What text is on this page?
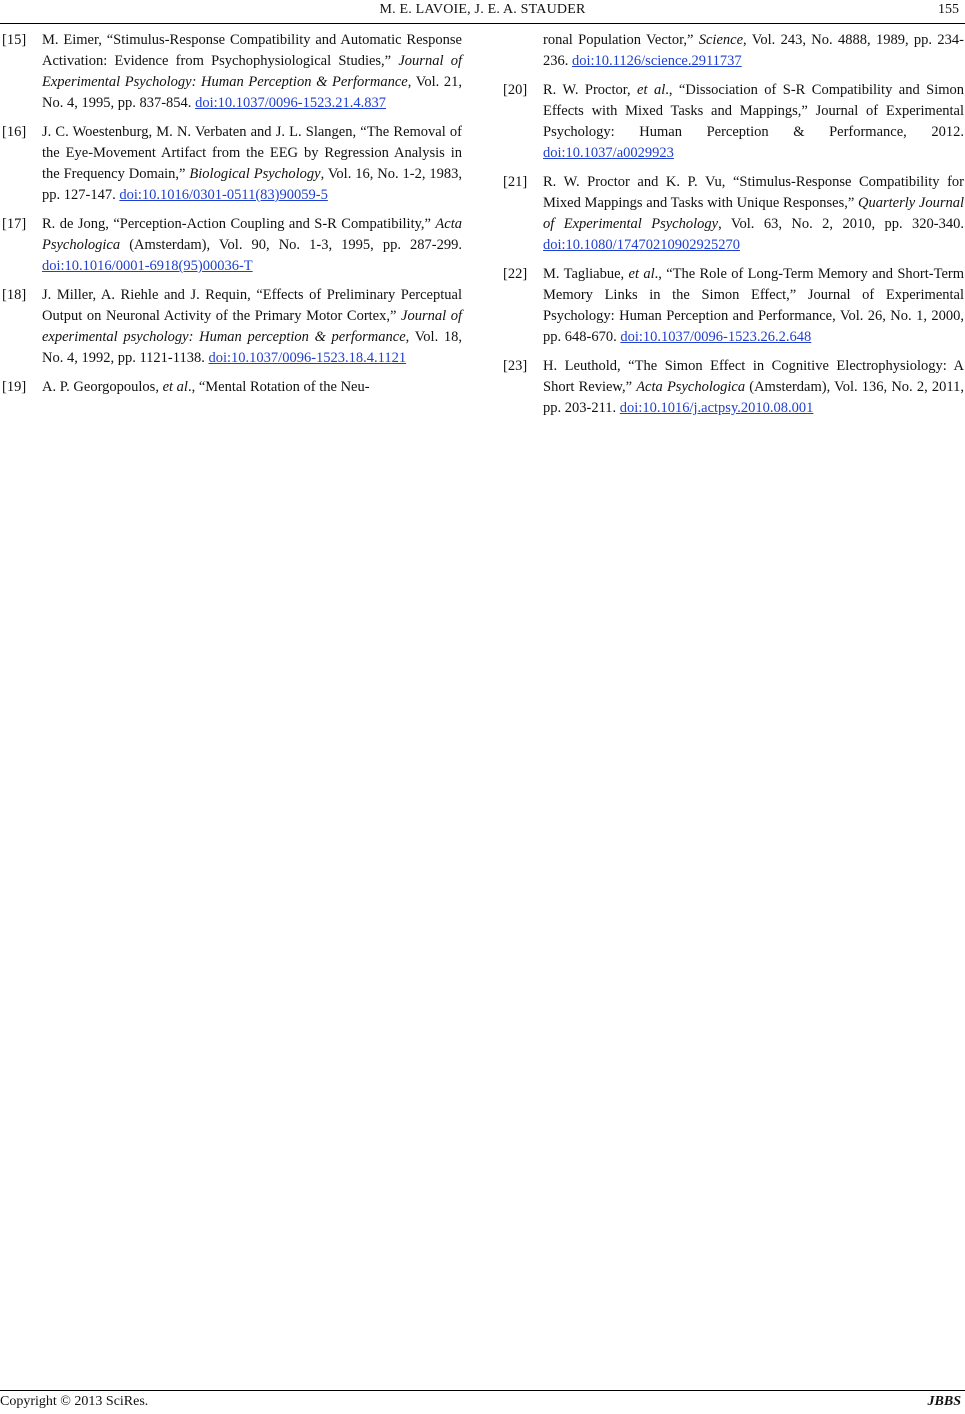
M. E. LAVOIE, J. E. A. STAUDER	155
[15]	M. Eimer, “Stimulus-Response Compatibility and Automatic Response Activation: Evidence from Psychophysiological Studies,” Journal of Experimental Psychology: Human Perception & Performance, Vol. 21, No. 4, 1995, pp. 837-854. doi:10.1037/0096-1523.21.4.837
[16]	J. C. Woestenburg, M. N. Verbaten and J. L. Slangen, “The Removal of the Eye-Movement Artifact from the EEG by Regression Analysis in the Frequency Domain,” Biological Psychology, Vol. 16, No. 1-2, 1983, pp. 127-147. doi:10.1016/0301-0511(83)90059-5
[17]	R. de Jong, “Perception-Action Coupling and S-R Compatibility,” Acta Psychologica (Amsterdam), Vol. 90, No. 1-3, 1995, pp. 287-299. doi:10.1016/0001-6918(95)00036-T
[18]	J. Miller, A. Riehle and J. Requin, “Effects of Preliminary Perceptual Output on Neuronal Activity of the Primary Motor Cortex,” Journal of experimental psychology: Human perception & performance, Vol. 18, No. 4, 1992, pp. 1121-1138. doi:10.1037/0096-1523.18.4.1121
[19]	A. P. Georgopoulos, et al., “Mental Rotation of the Neu-
ronal Population Vector,” Science, Vol. 243, No. 4888, 1989, pp. 234-236. doi:10.1126/science.2911737
[20]	R. W. Proctor, et al., “Dissociation of S-R Compatibility and Simon Effects with Mixed Tasks and Mappings,” Journal of Experimental Psychology: Human Perception & Performance, 2012. doi:10.1037/a0029923
[21]	R. W. Proctor and K. P. Vu, “Stimulus-Response Compatibility for Mixed Mappings and Tasks with Unique Responses,” Quarterly Journal of Experimental Psychology, Vol. 63, No. 2, 2010, pp. 320-340. doi:10.1080/17470210902925270
[22]	M. Tagliabue, et al., “The Role of Long-Term Memory and Short-Term Memory Links in the Simon Effect,” Journal of Experimental Psychology: Human Perception and Performance, Vol. 26, No. 1, 2000, pp. 648-670. doi:10.1037/0096-1523.26.2.648
[23]	H. Leuthold, “The Simon Effect in Cognitive Electrophysiology: A Short Review,” Acta Psychologica (Amsterdam), Vol. 136, No. 2, 2011, pp. 203-211. doi:10.1016/j.actpsy.2010.08.001
Copyright © 2013 SciRes.	JBBS
